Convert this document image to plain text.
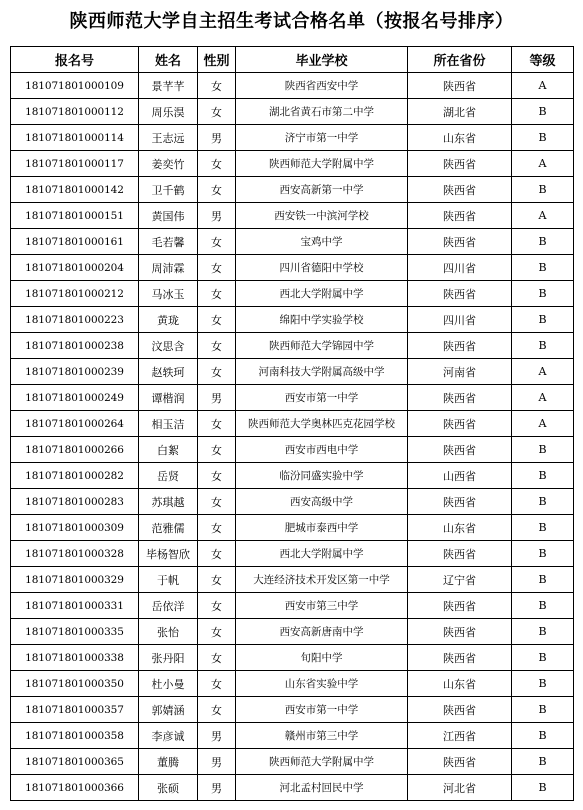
陕西师范大学自主招生考试合格名单（按报名号排序）
报名号	姓名	性别	毕业学校	所在省份	等级
181071801000109	景芊芊	女	陕西省西安中学	陕西省	A
181071801000112	周乐淏	女	湖北省黄石市第二中学	湖北省	B
181071801000114	王志远	男	济宁市第一中学	山东省	B
181071801000117	姜奕竹	女	陕西师范大学附属中学	陕西省	A
181071801000142	卫千鹤	女	西安高新第一中学	陕西省	B
181071801000151	黄国伟	男	西安铁一中滨河学校	陕西省	A
181071801000161	毛若馨	女	宝鸡中学	陕西省	B
181071801000204	周沛霖	女	四川省德阳中学校	四川省	B
181071801000212	马冰玉	女	西北大学附属中学	陕西省	B
181071801000223	黄珑	女	绵阳中学实验学校	四川省	B
181071801000238	汶思含	女	陕西师范大学锦园中学	陕西省	B
181071801000239	赵轶珂	女	河南科技大学附属高级中学	河南省	A
181071801000249	谭楷润	男	西安市第一中学	陕西省	A
181071801000264	相玉洁	女	陕西师范大学奥林匹克花园学校	陕西省	A
181071801000266	白絮	女	西安市西电中学	陕西省	B
181071801000282	岳贤	女	临汾同盛实验中学	山西省	B
181071801000283	苏琪越	女	西安高级中学	陕西省	B
181071801000309	范雅儒	女	肥城市泰西中学	山东省	B
181071801000328	毕杨智欣	女	西北大学附属中学	陕西省	B
181071801000329	于帆	女	大连经济技术开发区第一中学	辽宁省	B
181071801000331	岳依洋	女	西安市第三中学	陕西省	B
181071801000335	张怡	女	西安高新唐南中学	陕西省	B
181071801000338	张丹阳	女	旬阳中学	陕西省	B
181071801000350	杜小曼	女	山东省实验中学	山东省	B
181071801000357	郭婧涵	女	西安市第一中学	陕西省	B
181071801000358	李彦诚	男	赣州市第三中学	江西省	B
181071801000365	董腾	男	陕西师范大学附属中学	陕西省	B
181071801000366	张硕	男	河北孟村回民中学	河北省	B
